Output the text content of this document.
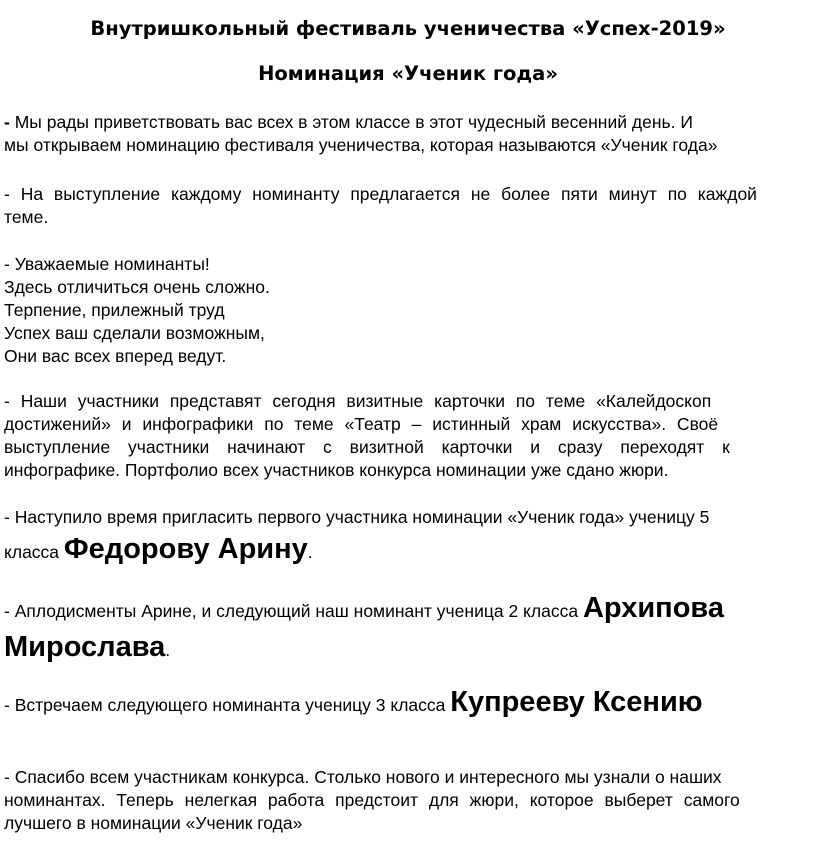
Внутришкольный фестиваль ученичества «Успех-2019»
Номинация «Ученик года»
- Мы рады приветствовать вас всех в этом классе в этот чудесный весенний день. И
мы открываем номинацию фестиваля ученичества, которая называются «Ученик года»
- На выступление каждому номинанту предлагается не более пяти минут по каждой
теме.
- Уважаемые номинанты!
Здесь отличиться очень сложно.
Терпение, прилежный труд
Успех ваш сделали возможным,
Они вас всех вперед ведут.
- Наши участники представят сегодня визитные карточки по теме «Калейдоскоп
достижений» и инфографики по теме «Театр – истинный храм искусства». Своё
выступление участники начинают с визитной карточки и сразу переходят к
инфографике. Портфолио всех участников конкурса номинации уже сдано жюри.
- Наступило время пригласить первого участника номинации «Ученик года» ученицу 5
класса Федорову Арину.
- Аплодисменты Арине, и следующий наш номинант ученица 2 класса Архипова
Мирослава.
- Встречаем следующего номинанта ученицу 3 класса Купрееву Ксению
- Спасибо всем участникам конкурса. Столько нового и интересного мы узнали о наших
номинантах. Теперь нелегкая работа предстоит для жюри, которое выберет самого
лучшего в номинации «Ученик года»
